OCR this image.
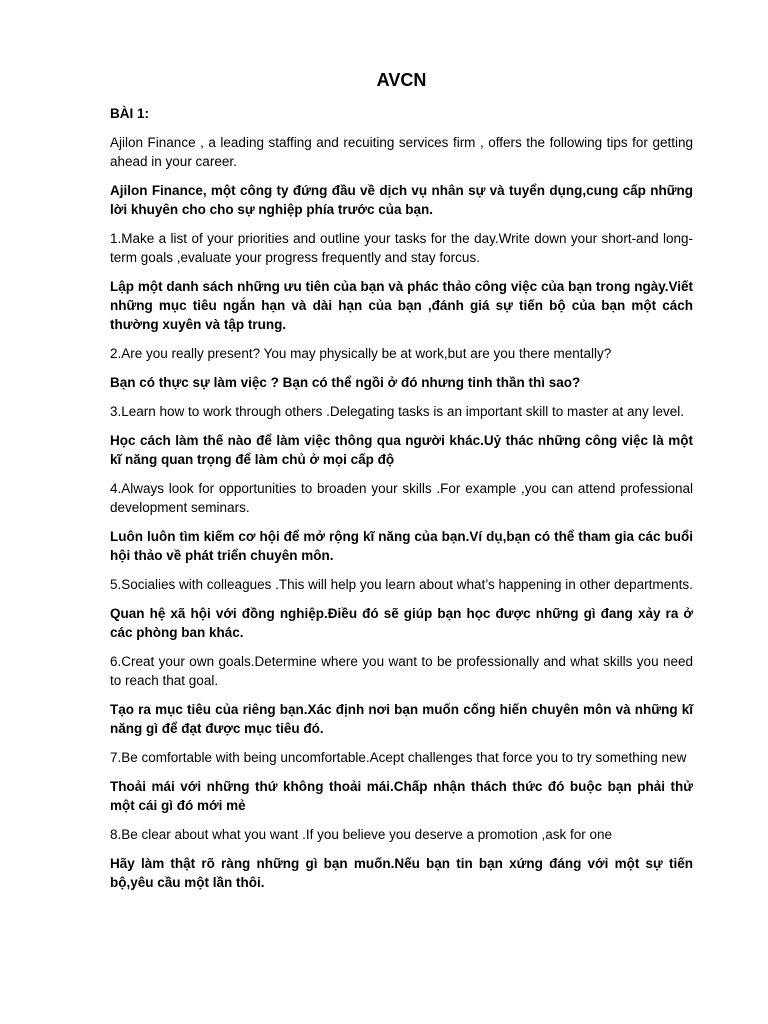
AVCN
BÀI 1:

Ajilon Finance , a leading staffing and recuiting services firm , offers the following tips for getting ahead in your career.

Ajilon Finance, một công ty đứng đầu về dịch vụ nhân sự và tuyển dụng,cung cấp những lời khuyên cho cho sự nghiệp phía trước của bạn.

1.Make a list of your priorities and outline your tasks for the day.Write down your short-and long-term goals ,evaluate your progress frequently and stay forcus.

Lập một danh sách những ưu tiên của bạn và phác thảo công việc của bạn trong ngày.Viết những mục tiêu ngắn hạn và dài hạn của bạn ,đánh giá sự tiến bộ của bạn một cách thường xuyên và tập trung.

2.Are you really present? You may physically be at work,but are you there mentally?

Bạn có thực sự làm việc ? Bạn có thể ngồi ở đó nhưng tinh thần thì sao?

3.Learn how to work through others .Delegating tasks is an important skill to master at any level.

Học cách làm thế nào để làm việc thông qua người khác.Uỷ thác những công việc là một kĩ năng quan trọng để làm chủ ở mọi cấp độ

4.Always look for opportunities to broaden your skills .For example ,you can attend professional development seminars.

Luôn luôn tìm kiếm cơ hội để mở rộng kĩ năng của bạn.Ví dụ,bạn có thể tham gia các buổi hội thảo về phát triển chuyên môn.

5.Socialies with colleagues .This will help you learn about what’s happening in other departments.

Quan hệ xã hội với đồng nghiệp.Điều đó sẽ giúp bạn học được những gì đang xảy ra ở các phòng ban khác.

6.Creat your own goals.Determine where you want to be professionally and what skills you need to reach that goal.

Tạo ra mục tiêu của riêng bạn.Xác định nơi bạn muốn cống hiến chuyên môn và những kĩ năng gì để đạt được mục tiêu đó.

7.Be comfortable with being uncomfortable.Acept challenges that force you to try something new

Thoải mái với những thứ không thoải mái.Chấp nhận thách thức đó buộc bạn phải thử một cái gì đó mới mẻ

8.Be clear about what you want .If you believe you deserve a promotion ,ask for one

Hãy làm thật rõ ràng những gì bạn muốn.Nếu bạn tin bạn xứng đáng với một sự tiến bộ,yêu cầu một lần thôi.
